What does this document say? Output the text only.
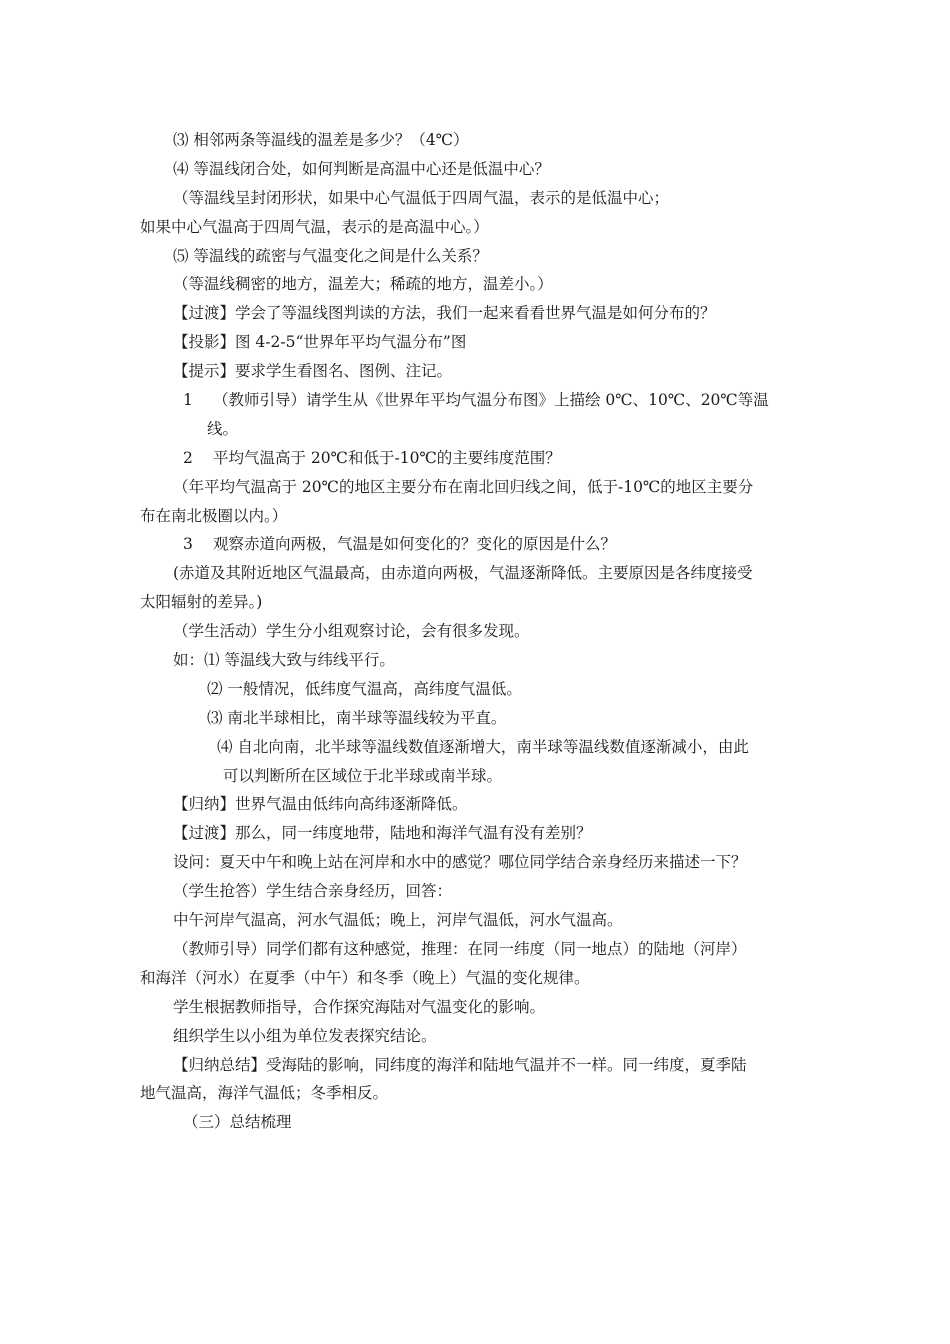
⑶ 相邻两条等温线的温差是多少？（4℃）
⑷ 等温线闭合处，如何判断是高温中心还是低温中心？
（等温线呈封闭形状，如果中心气温低于四周气温，表示的是低温中心；
如果中心气温高于四周气温，表示的是高温中心。）
⑸ 等温线的疏密与气温变化之间是什么关系？
（等温线稠密的地方，温差大；稀疏的地方，温差小。）
【过渡】学会了等温线图判读的方法，我们一起来看看世界气温是如何分布的？
【投影】图 4-2-5“世界年平均气温分布”图
【提示】要求学生看图名、图例、注记。
1 （教师引导）请学生从《世界年平均气温分布图》上描绘 0℃、10℃、20℃等温
线。
2 平均气温高于 20℃和低于-10℃的主要纬度范围？
（年平均气温高于 20℃的地区主要分布在南北回归线之间，低于-10℃的地区主要分
布在南北极圈以内。）
3 观察赤道向两极，气温是如何变化的？变化的原因是什么？
(赤道及其附近地区气温最高，由赤道向两极，气温逐渐降低。主要原因是各纬度接受
太阳辐射的差异。)
（学生活动）学生分小组观察讨论，会有很多发现。
如：⑴ 等温线大致与纬线平行。
⑵ 一般情况，低纬度气温高，高纬度气温低。
⑶ 南北半球相比，南半球等温线较为平直。
⑷ 自北向南，北半球等温线数值逐渐增大，南半球等温线数值逐渐减小，由此
可以判断所在区域位于北半球或南半球。
【归纳】世界气温由低纬向高纬逐渐降低。
【过渡】那么，同一纬度地带，陆地和海洋气温有没有差别？
设问：夏天中午和晚上站在河岸和水中的感觉？哪位同学结合亲身经历来描述一下？
（学生抢答）学生结合亲身经历，回答：
中午河岸气温高，河水气温低；晚上，河岸气温低，河水气温高。
（教师引导）同学们都有这种感觉，推理：在同一纬度（同一地点）的陆地（河岸）
和海洋（河水）在夏季（中午）和冬季（晚上）气温的变化规律。
学生根据教师指导，合作探究海陆对气温变化的影响。
组织学生以小组为单位发表探究结论。
【归纳总结】受海陆的影响，同纬度的海洋和陆地气温并不一样。同一纬度，夏季陆
地气温高，海洋气温低；冬季相反。
（三）总结梳理
